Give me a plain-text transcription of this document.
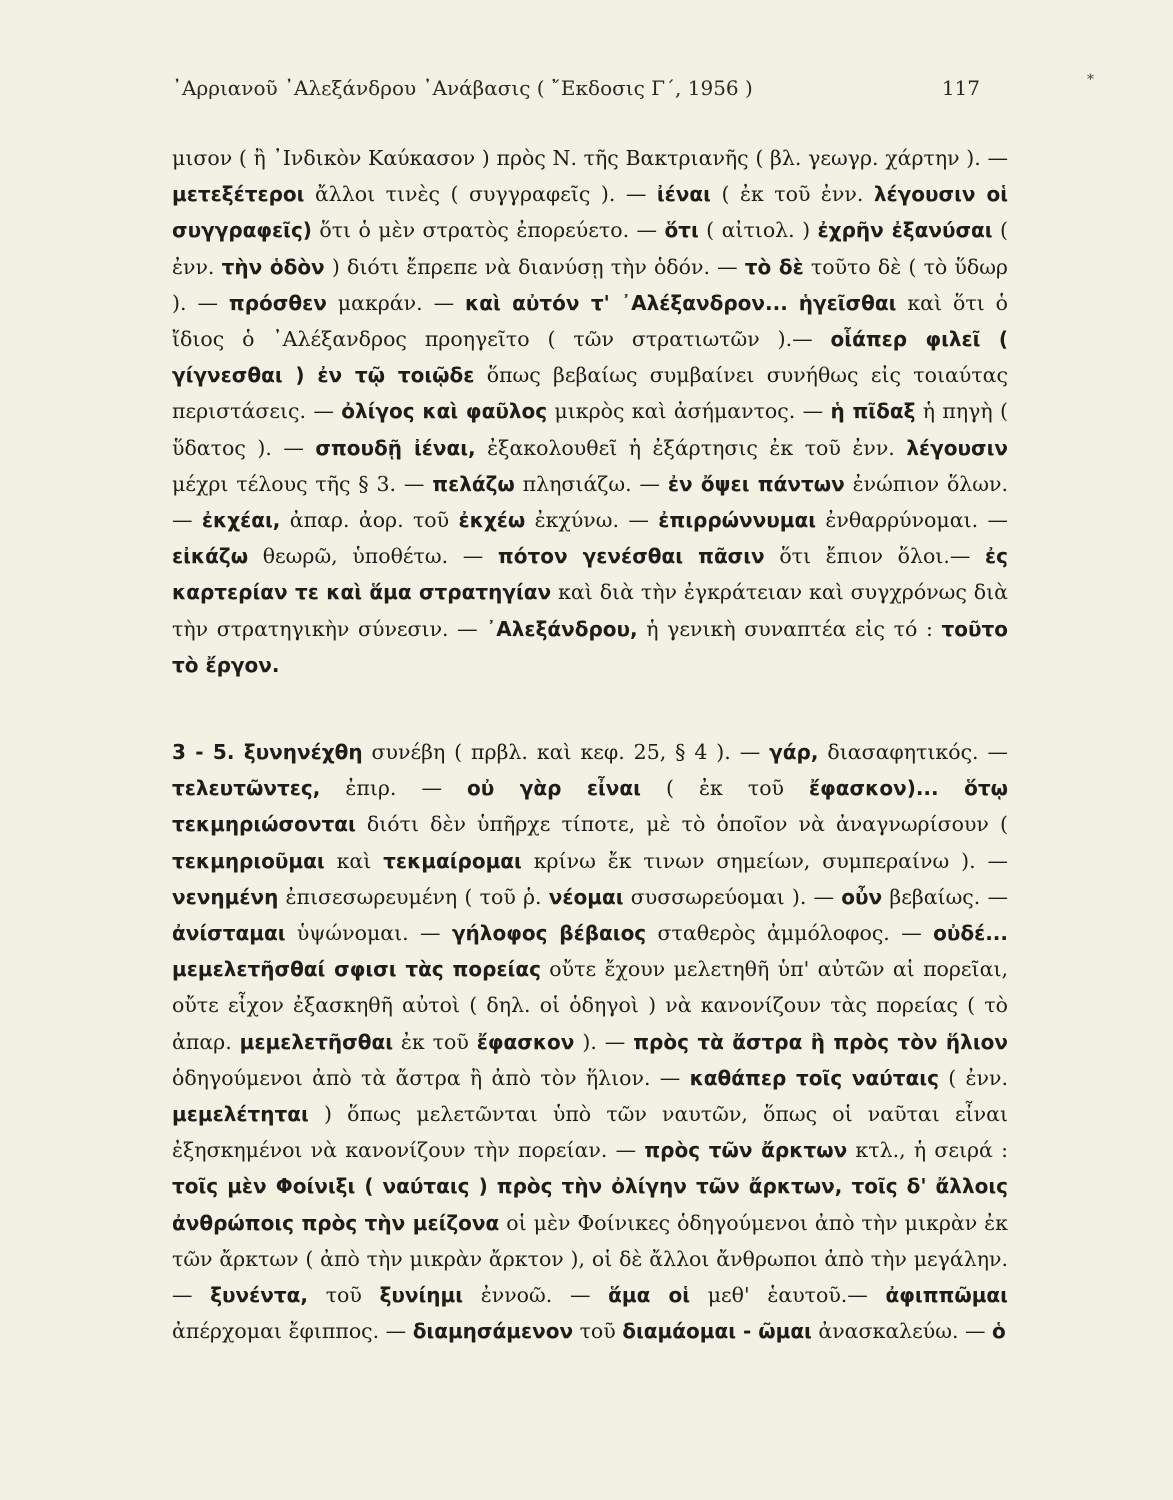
᾿Αρριανοῦ ᾿Αλεξάνδρου ᾿Ανάβασις ( ῎Εκδοσις Γ΄, 1956 )	117	*
μισον ( ἢ ᾿Ινδικὸν Καύκασον ) πρὸς Ν. τῆς Βακτριανῆς ( βλ. γεωγρ. χάρτην ). — μετεξέτεροι ἄλλοι τινὲς ( συγγραφεῖς ). — ἰέναι ( ἐκ τοῦ ἐνν. λέγουσιν οἱ συγγραφεῖς) ὅτι ὁ μὲν στρατὸς ἐπορεύετο. — ὅτι ( αἰτιολ. ) ἐχρῆν ἐξανύσαι ( ἐνν. τὴν ὁδὸν ) διότι ἔπρεπε νὰ διανύσῃ τὴν ὁδόν. — τὸ δὲ τοῦτο δὲ ( τὸ ὕδωρ ). — πρόσθεν μακράν. — καὶ αὐτόν τ' ᾿Αλέξανδρον... ἡγεῖσθαι καὶ ὅτι ὁ ἴδιος ὁ ᾿Αλέξανδρος προηγεῖτο ( τῶν στρατιωτῶν ).— οἷάπερ φιλεῖ ( γίγνεσθαι ) ἐν τῷ τοιῷδε ὅπως βεβαίως συμβαίνει συνήθως εἰς τοιαύτας περιστάσεις. — ὀλίγος καὶ φαῦλος μικρὸς καὶ ἀσήμαντος. — ἡ πῖδαξ ἡ πηγὴ ( ὕδατος ). — σπουδῇ ἰέναι, ἐξακολουθεῖ ἡ ἐξάρτησις ἐκ τοῦ ἐνν. λέγουσιν μέχρι τέλους τῆς § 3. — πελάζω πλησιάζω. — ἐν ὄψει πάντων ἐνώπιον ὅλων. — ἐκχέαι, ἀπαρ. ἀορ. τοῦ ἐκχέω ἐκχύνω. — ἐπιρρώννυμαι ἐνθαρρύνομαι. — εἰκάζω θεωρῶ, ὑποθέτω. — πότον γενέσθαι πᾶσιν ὅτι ἔπιον ὅλοι.— ἐς καρτερίαν τε καὶ ἅμα στρατηγίαν καὶ διὰ τὴν ἐγκράτειαν καὶ συγχρόνως διὰ τὴν στρατηγικὴν σύνεσιν. — ᾿Αλεξάνδρου, ἡ γενικὴ συναπτέα εἰς τό : τοῦτο τὸ ἔργον.
3 - 5. ξυνηνέχθη συνέβη ( πρβλ. καὶ κεφ. 25, § 4 ). — γάρ, διασαφητικός. — τελευτῶντες, ἐπιρ. — οὐ γὰρ εἶναι ( ἐκ τοῦ ἔφασκον)... ὅτῳ τεκμηριώσονται διότι δὲν ὑπῆρχε τίποτε, μὲ τὸ ὁποῖον νὰ ἀναγνωρίσουν ( τεκμηριοῦμαι καὶ τεκμαίρομαι κρίνω ἔκ τινων σημείων, συμπεραίνω ). — νενημένη ἐπισεσωρευμένη ( τοῦ ῥ. νέομαι συσσωρεύομαι ). — οὖν βεβαίως. — ἀνίσταμαι ὑψώνομαι. — γήλοφος βέβαιος σταθερὸς ἀμμόλοφος. — οὐδέ... μεμελετῆσθαί σφισι τὰς πορείας οὔτε ἔχουν μελετηθῆ ὑπ' αὐτῶν αἱ πορεῖαι, οὔτε εἶχον ἐξασκηθῆ αὐτοὶ ( δηλ. οἱ ὁδηγοὶ ) νὰ κανονίζουν τὰς πορείας ( τὸ ἀπαρ. μεμελετῆσθαι ἐκ τοῦ ἔφασκον ). — πρὸς τὰ ἄστρα ἢ πρὸς τὸν ἥλιον ὁδηγούμενοι ἀπὸ τὰ ἄστρα ἢ ἀπὸ τὸν ἥλιον. — καθάπερ τοῖς ναύταις ( ἐνν. μεμελέτηται ) ὅπως μελετῶνται ὑπὸ τῶν ναυτῶν, ὅπως οἱ ναῦται εἶναι ἐξησκημένοι νὰ κανονίζουν τὴν πορείαν. — πρὸς τῶν ἄρκτων κτλ., ἡ σειρά : τοῖς μὲν Φοίνιξι ( ναύταις ) πρὸς τὴν ὀλίγην τῶν ἄρκτων, τοῖς δ' ἄλλοις ἀνθρώποις πρὸς τὴν μείζονα οἱ μὲν Φοίνικες ὁδηγούμενοι ἀπὸ τὴν μικρὰν ἐκ τῶν ἄρκτων ( ἀπὸ τὴν μικρὰν ἄρκτον ), οἱ δὲ ἄλλοι ἄνθρωποι ἀπὸ τὴν μεγάλην. — ξυνέντα, τοῦ ξυνίημι ἐννοῶ. — ἅμα οἱ μεθ' ἑαυτοῦ.— ἀφιππῶμαι ἀπέρχομαι ἔφιππος. — διαμησάμενον τοῦ διαμάομαι - ῶμαι ἀνασκαλεύω. — ὁ
